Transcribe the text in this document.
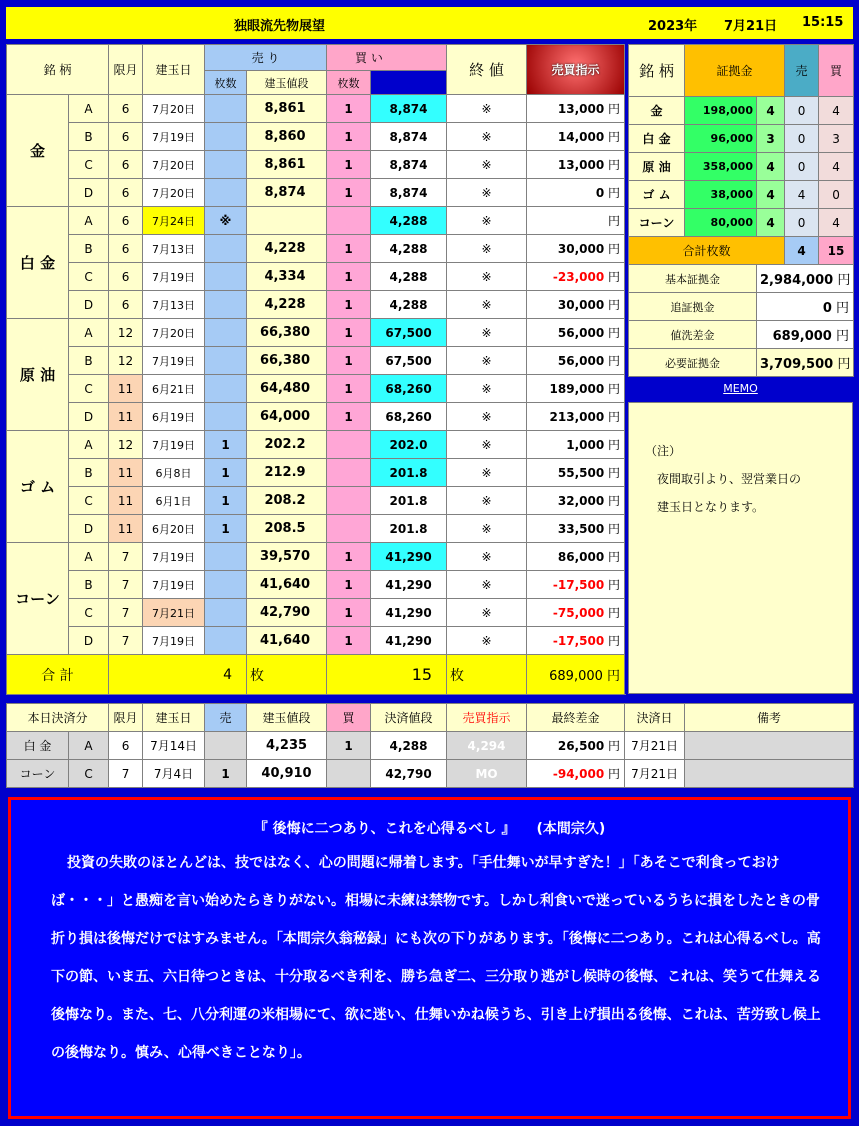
独眼流先物展望	2023年 7月21日 15:15
銘 柄		限月	建玉日	売 り		買 い		終 値	売買指示	
				枚数	建玉値段	枚数				
金	A	6	7月20日		8,861	1	8,874	※	13,000 円	
	B	6	7月19日		8,860	1	8,874	※	14,000 円	
	C	6	7月20日		8,861	1	8,874	※	13,000 円	
	D	6	7月20日		8,874	1	8,874	※	0 円	
白 金	A	6	7月24日	※			4,288	※	円	
	B	6	7月13日		4,228	1	4,288	※	30,000 円	
	C	6	7月19日		4,334	1	4,288	※	-23,000 円	
	D	6	7月13日		4,228	1	4,288	※	30,000 円	
原 油	A	12	7月20日		66,380	1	67,500	※	56,000 円	
	B	12	7月19日		66,380	1	67,500	※	56,000 円	
	C	11	6月21日		64,480	1	68,260	※	189,000 円	
	D	11	6月19日		64,000	1	68,260	※	213,000 円	
ゴ ム	A	12	7月19日	1	202.2		202.0	※	1,000 円	
	B	11	6月8日	1	212.9		201.8	※	55,500 円	
	C	11	6月1日	1	208.2		201.8	※	32,000 円	
	D	11	6月20日	1	208.5		201.8	※	33,500 円	
コーン	A	7	7月19日		39,570	1	41,290	※	86,000 円	
	B	7	7月19日		41,640	1	41,290	※	-17,500 円	
	C	7	7月21日		42,790	1	41,290	※	-75,000 円	
	D	7	7月19日		41,640	1	41,290	※	-17,500 円	
合 計		4			枚	15		枚	689,000 円	
銘 柄	証拠金		売	買
金	198,000	4	0	4
白 金	96,000	3	0	3
原 油	358,000	4	0	4
ゴ ム	38,000	4	4	0
コーン	80,000	4	0	4
合計枚数			4	15
基本証拠金		2,984,000 円		
追証拠金		0 円		
値洗差金		689,000 円		
必要証拠金		3,709,500 円		
MEMO
（注）
　夜間取引より、翌営業日の
　建玉日となります。
本日決済分		限月	建玉日	売	建玉値段	買	決済値段	売買指示	最終差金	決済日	備考
白 金	A	6	7月14日		4,235	1	4,288	4,294	26,500 円	7月21日	
コーン	C	7	7月4日	1	40,910		42,790	MO	-94,000 円	7月21日	
『 後悔に二つあり、これを心得るべし 』　　(本間宗久)
投資の失敗のほとんどは、技ではなく、心の問題に帰着します。「手仕舞いが早すぎた！」「あそこで利食っておけば・・・」と愚痴を言い始めたらきりがない。相場に未練は禁物です。しかし利食いで迷っているうちに損をしたときの骨折り損は後悔だけではすみません。「本間宗久翁秘録」にも次の下りがあります。「後悔に二つあり。これは心得るべし。高下の節、いま五、六日待つときは、十分取るべき利を、勝ち急ぎ二、三分取り逃がし候時の後悔、これは、笑うて仕舞える後悔なり。また、七、八分利運の米相場にて、欲に迷い、仕舞いかね候うち、引き上げ損出る後悔、これは、苦労致し候上の後悔なり。慎み、心得べきことなり」。
